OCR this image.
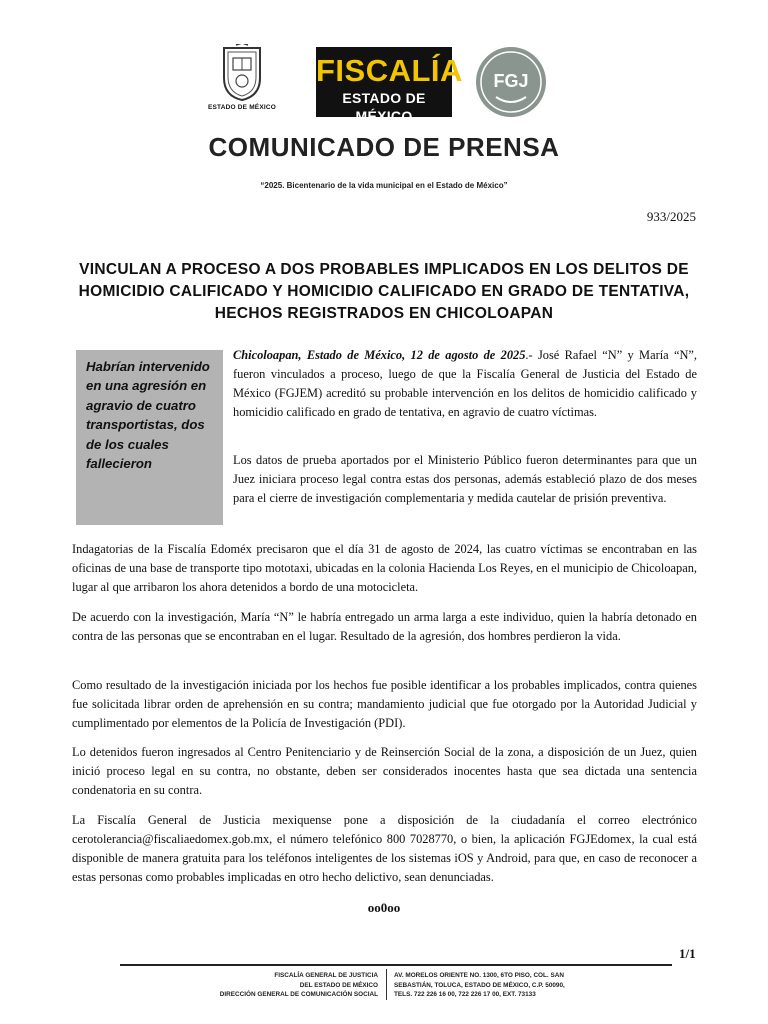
ESTADO DE MÉXICO
FISCALÍA
ESTADO DE MÉXICO
FGJ
COMUNICADO DE PRENSA
“2025. Bicentenario de la vida municipal en el Estado de México”
933/2025
VINCULAN A PROCESO A DOS PROBABLES IMPLICADOS EN LOS DELITOS DE HOMICIDIO CALIFICADO Y HOMICIDIO CALIFICADO EN GRADO DE TENTATIVA, HECHOS REGISTRADOS EN CHICOLOAPAN

Habrían intervenido en una agresión en agravio de cuatro transportistas, dos de los cuales fallecieron

Chicoloapan, Estado de México, 12 de agosto de 2025.- José Rafael “N” y María “N”, fueron vinculados a proceso, luego de que la Fiscalía General de Justicia del Estado de México (FGJEM) acreditó su probable intervención en los delitos de homicidio calificado y homicidio calificado en grado de tentativa, en agravio de cuatro víctimas.

Los datos de prueba aportados por el Ministerio Público fueron determinantes para que un Juez iniciara proceso legal contra estas dos personas, además estableció plazo de dos meses para el cierre de investigación complementaria y medida cautelar de prisión preventiva.

Indagatorias de la Fiscalía Edoméx precisaron que el día 31 de agosto de 2024, las cuatro víctimas se encontraban en las oficinas de una base de transporte tipo mototaxi, ubicadas en la colonia Hacienda Los Reyes, en el municipio de Chicoloapan, lugar al que arribaron los ahora detenidos a bordo de una motocicleta.

De acuerdo con la investigación, María “N” le habría entregado un arma larga a este individuo, quien la habría detonado en contra de las personas que se encontraban en el lugar. Resultado de la agresión, dos hombres perdieron la vida.

Como resultado de la investigación iniciada por los hechos fue posible identificar a los probables implicados, contra quienes fue solicitada librar orden de aprehensión en su contra; mandamiento judicial que fue otorgado por la Autoridad Judicial y cumplimentado por elementos de la Policía de Investigación (PDI).

Lo detenidos fueron ingresados al Centro Penitenciario y de Reinserción Social de la zona, a disposición de un Juez, quien inició proceso legal en su contra, no obstante, deben ser considerados inocentes hasta que sea dictada una sentencia condenatoria en su contra.

La Fiscalía General de Justicia mexiquense pone a disposición de la ciudadanía el correo electrónico cerotolerancia@fiscaliaedomex.gob.mx, el número telefónico 800 7028770, o bien, la aplicación FGJEdomex, la cual está disponible de manera gratuita para los teléfonos inteligentes de los sistemas iOS y Android, para que, en caso de reconocer a estas personas como probables implicadas en otro hecho delictivo, sean denunciadas.

oo0oo
1/1
FISCALÍA GENERAL DE JUSTICIA
DEL ESTADO DE MÉXICO
DIRECCIÓN GENERAL DE COMUNICACIÓN SOCIAL
AV. MORELOS ORIENTE NO. 1300, 6TO PISO, COL. SAN
SEBASTIÁN, TOLUCA, ESTADO DE MÉXICO, C.P. 50090,
TELS. 722 226 16 00, 722 226 17 00, EXT. 73133
